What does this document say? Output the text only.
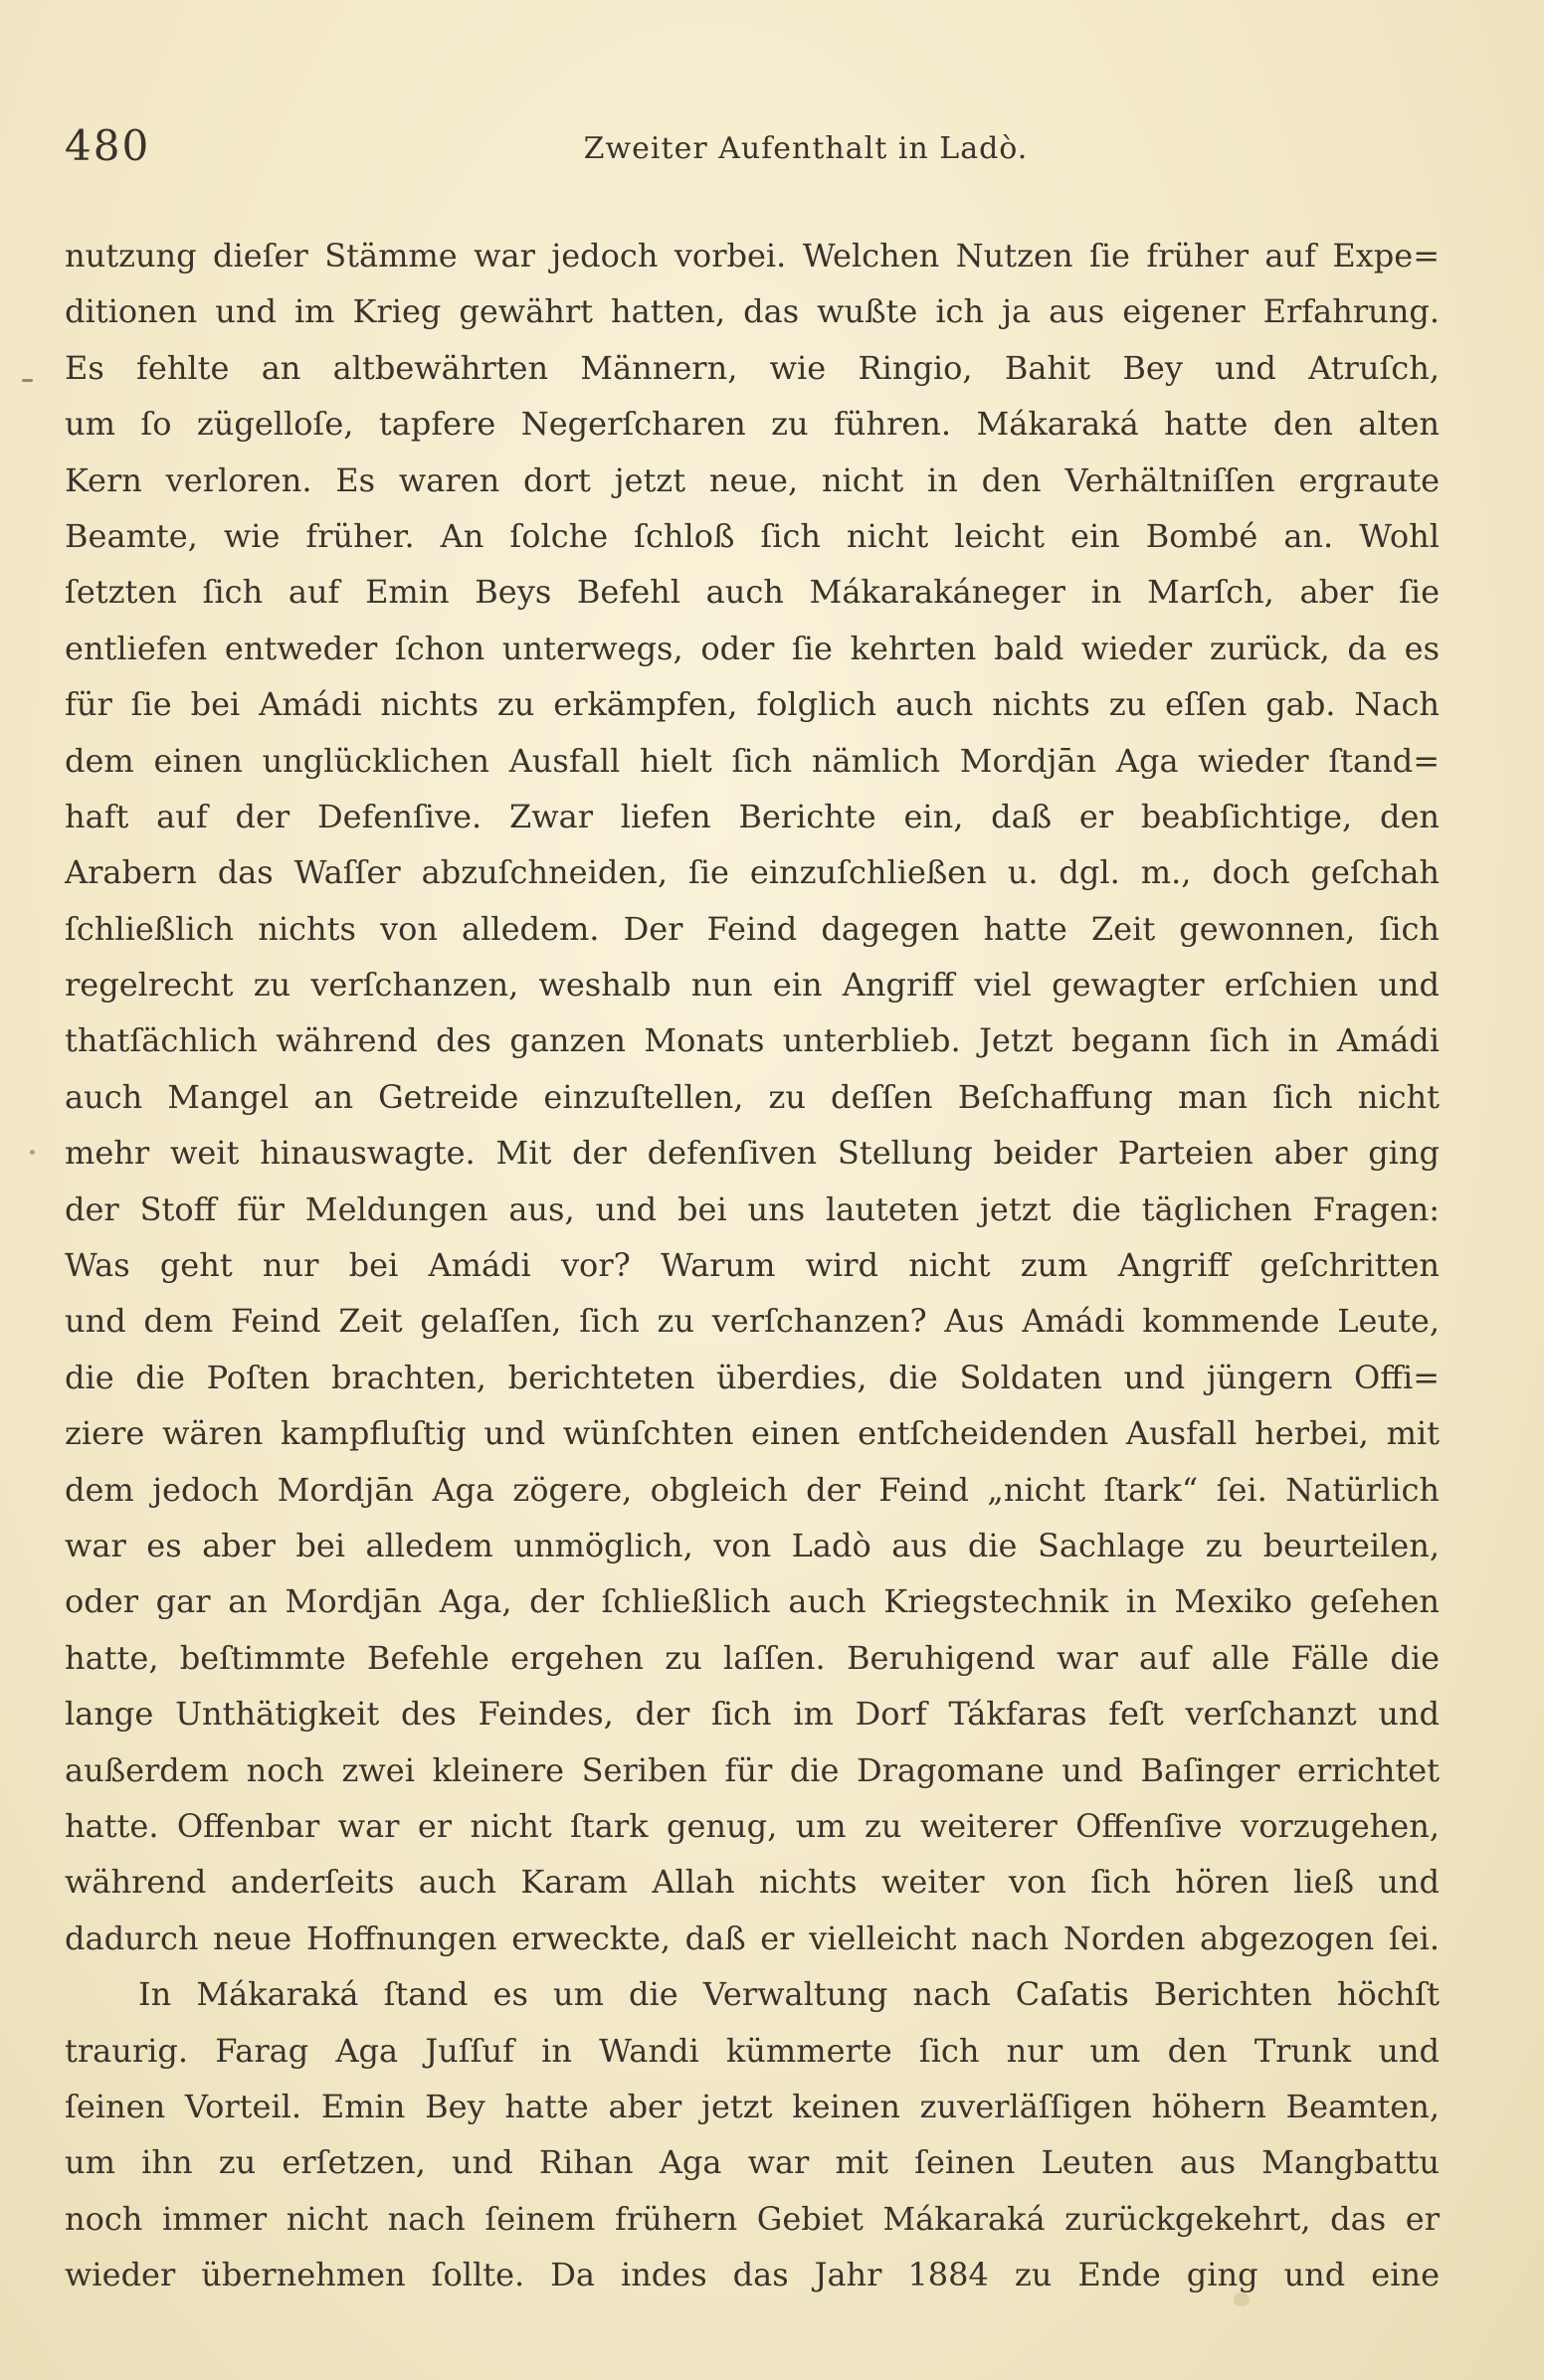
480	Zweiter Aufenthalt in Ladò.
nutzung dieſer Stämme war jedoch vorbei. Welchen Nutzen ſie früher auf Expe=
ditionen und im Krieg gewährt hatten, das wußte ich ja aus eigener Erfahrung.
Es fehlte an altbewährten Männern, wie Ringio, Bahit Bey und Atruſch,
um ſo zügelloſe, tapfere Negerſcharen zu führen. Mákaraká hatte den alten
Kern verloren. Es waren dort jetzt neue, nicht in den Verhältniſſen ergraute
Beamte, wie früher. An ſolche ſchloß ſich nicht leicht ein Bombé an. Wohl
ſetzten ſich auf Emin Beys Befehl auch Mákarakáneger in Marſch, aber ſie
entliefen entweder ſchon unterwegs, oder ſie kehrten bald wieder zurück, da es
für ſie bei Amádi nichts zu erkämpfen, folglich auch nichts zu eſſen gab. Nach
dem einen unglücklichen Ausfall hielt ſich nämlich Mordjān Aga wieder ſtand=
haft auf der Defenſive. Zwar liefen Berichte ein, daß er beabſichtige, den
Arabern das Waſſer abzuſchneiden, ſie einzuſchließen u. dgl. m., doch geſchah
ſchließlich nichts von alledem. Der Feind dagegen hatte Zeit gewonnen, ſich
regelrecht zu verſchanzen, weshalb nun ein Angriff viel gewagter erſchien und
thatſächlich während des ganzen Monats unterblieb. Jetzt begann ſich in Amádi
auch Mangel an Getreide einzuſtellen, zu deſſen Beſchaffung man ſich nicht
mehr weit hinauswagte. Mit der defenſiven Stellung beider Parteien aber ging
der Stoff für Meldungen aus, und bei uns lauteten jetzt die täglichen Fragen:
Was geht nur bei Amádi vor? Warum wird nicht zum Angriff geſchritten
und dem Feind Zeit gelaſſen, ſich zu verſchanzen? Aus Amádi kommende Leute,
die die Poſten brachten, berichteten überdies, die Soldaten und jüngern Offi=
ziere wären kampfluſtig und wünſchten einen entſcheidenden Ausfall herbei, mit
dem jedoch Mordjān Aga zögere, obgleich der Feind „nicht ſtark“ ſei. Natürlich
war es aber bei alledem unmöglich, von Ladò aus die Sachlage zu beurteilen,
oder gar an Mordjān Aga, der ſchließlich auch Kriegstechnik in Mexiko geſehen
hatte, beſtimmte Befehle ergehen zu laſſen. Beruhigend war auf alle Fälle die
lange Unthätigkeit des Feindes, der ſich im Dorf Tákfaras feſt verſchanzt und
außerdem noch zwei kleinere Seriben für die Dragomane und Baſinger errichtet
hatte. Offenbar war er nicht ſtark genug, um zu weiterer Offenſive vorzugehen,
während anderſeits auch Karam Allah nichts weiter von ſich hören ließ und
dadurch neue Hoffnungen erweckte, daß er vielleicht nach Norden abgezogen ſei.
In Mákaraká ſtand es um die Verwaltung nach Caſatis Berichten höchſt
traurig. Farag Aga Juſſuf in Wandi kümmerte ſich nur um den Trunk und
ſeinen Vorteil. Emin Bey hatte aber jetzt keinen zuverläſſigen höhern Beamten,
um ihn zu erſetzen, und Rihan Aga war mit ſeinen Leuten aus Mangbattu
noch immer nicht nach ſeinem frühern Gebiet Mákaraká zurückgekehrt, das er
wieder übernehmen ſollte. Da indes das Jahr 1884 zu Ende ging und eine
